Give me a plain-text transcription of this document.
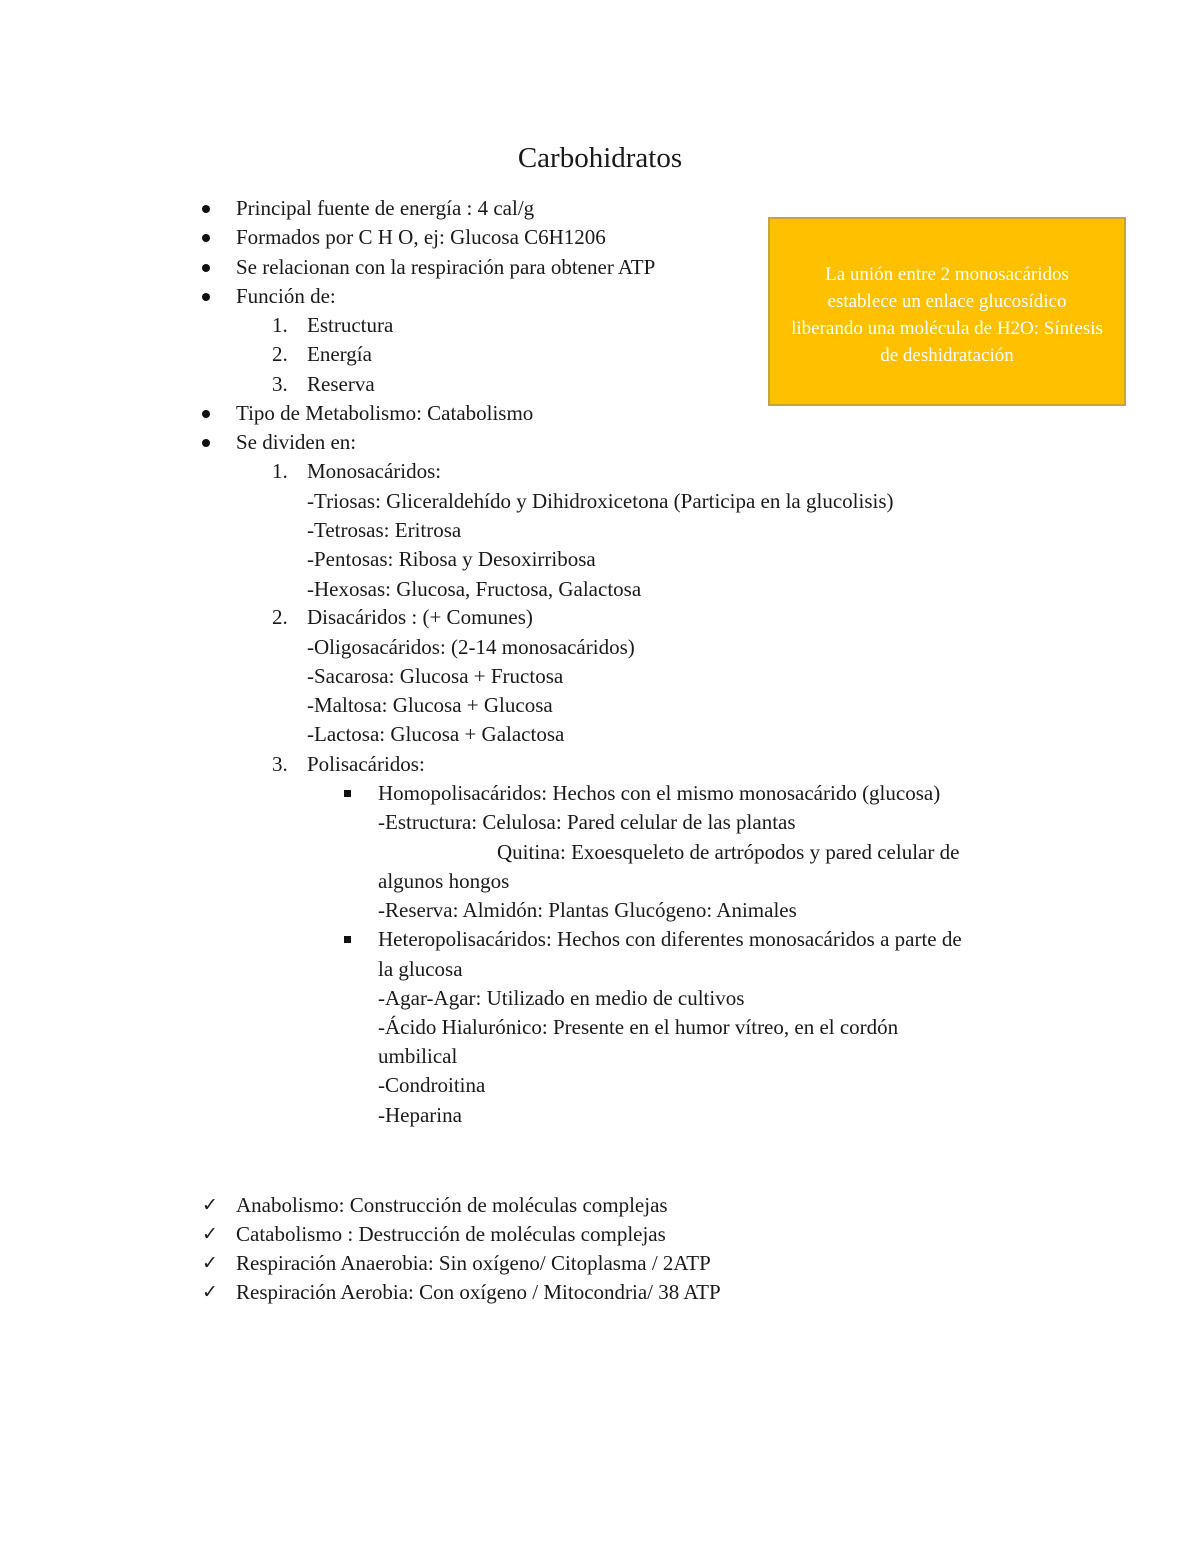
Carbohidratos
Principal fuente de energía : 4 cal/g
Formados por C H O, ej: Glucosa C6H1206
Se relacionan con la respiración para obtener ATP
Función de:
1. Estructura
2. Energía
3. Reserva
Tipo de Metabolismo: Catabolismo
Se dividen en:
1. Monosacáridos:
-Triosas: Gliceraldehído y Dihidroxicetona (Participa en la glucolisis)
-Tetrosas: Eritrosa
-Pentosas: Ribosa y Desoxirribosa
-Hexosas: Glucosa, Fructosa, Galactosa
2. Disacáridos : (+ Comunes)
-Oligosacáridos: (2-14 monosacáridos)
-Sacarosa: Glucosa + Fructosa
-Maltosa: Glucosa + Glucosa
-Lactosa: Glucosa + Galactosa
3. Polisacáridos:
Homopolisacáridos: Hechos con el mismo monosacárido (glucosa)
-Estructura: Celulosa: Pared celular de las plantas
Quitina: Exoesqueleto de artrópodos y pared celular de
algunos hongos
-Reserva: Almidón: Plantas Glucógeno: Animales
Heteropolisacáridos: Hechos con diferentes monosacáridos a parte de
la glucosa
-Agar-Agar: Utilizado en medio de cultivos
-Ácido Hialurónico: Presente en el humor vítreo, en el cordón
umbilical
-Condroitina
-Heparina
✓ Anabolismo: Construcción de moléculas complejas
✓ Catabolismo : Destrucción de moléculas complejas
✓ Respiración Anaerobia: Sin oxígeno/ Citoplasma / 2ATP
✓ Respiración Aerobia: Con oxígeno / Mitocondria/ 38 ATP
La unión entre 2 monosacáridos establece un enlace glucosídico liberando una molécula de H2O: Síntesis de deshidratación
